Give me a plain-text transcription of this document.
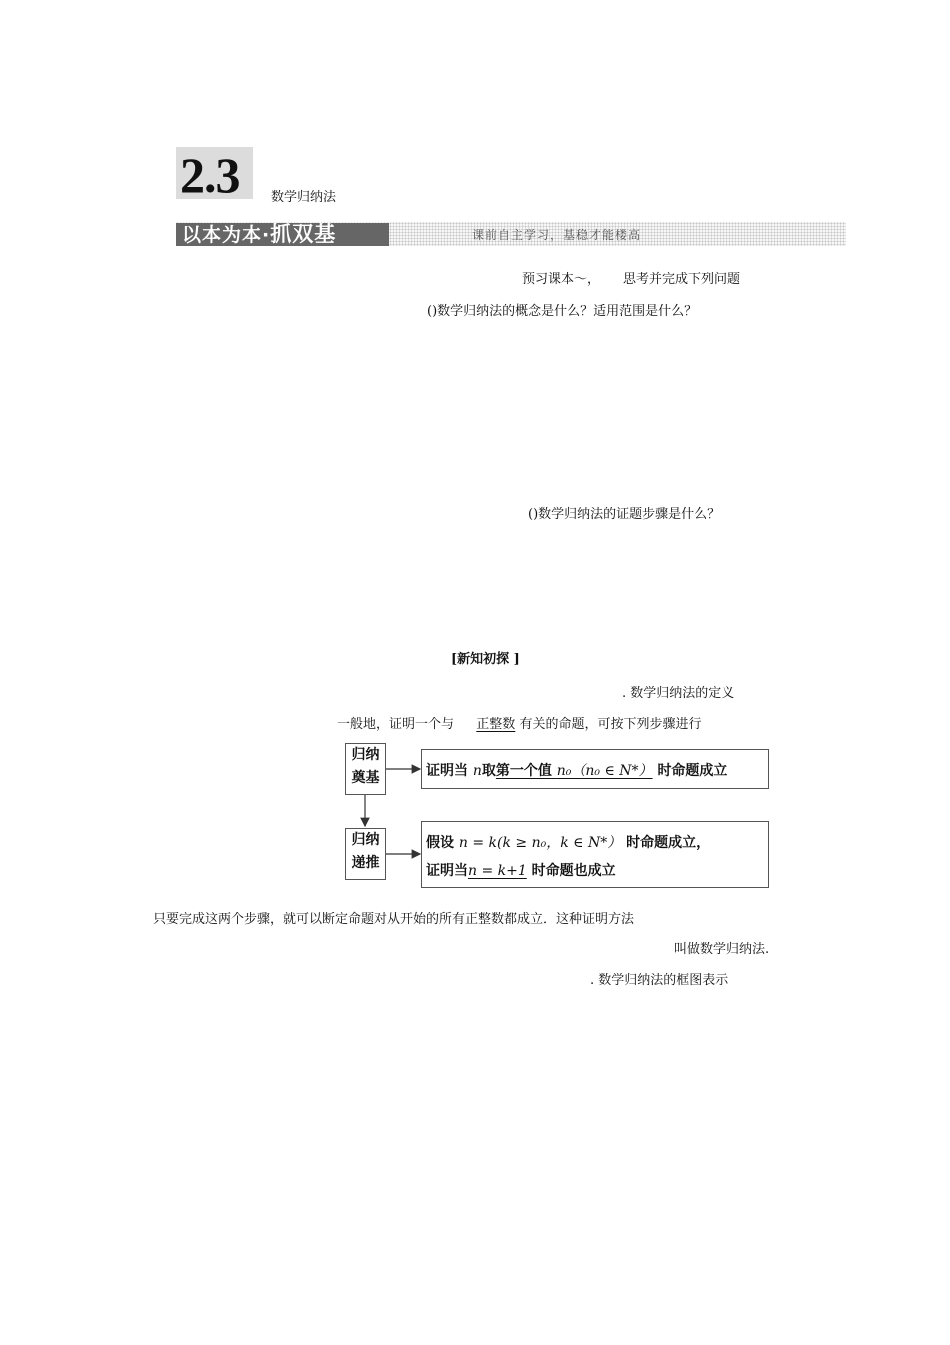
2.3 数学归纳法
以本为本·抓双基	课前自主学习，基稳才能楼高
预习课本～， 思考并完成下列问题
()数学归纳法的概念是什么？适用范围是什么？
()数学归纳法的证题步骤是什么？
[新知初探 ]
. 数学归纳法的定义
一般地，证明一个与 正整数 有关的命题，可按下列步骤进行
归纳
奠基	证明当 n取第一个值 n₀（n₀ ∈ N*） 时命题成立
归纳
递推
假设 n = k(k ≥ n₀，k ∈ N*） 时命题成立，
证明当n = k+1 时命题也成立
只要完成这两个步骤，就可以断定命题对从开始的所有正整数都成立．这种证明方法
叫做数学归纳法.
. 数学归纳法的框图表示
